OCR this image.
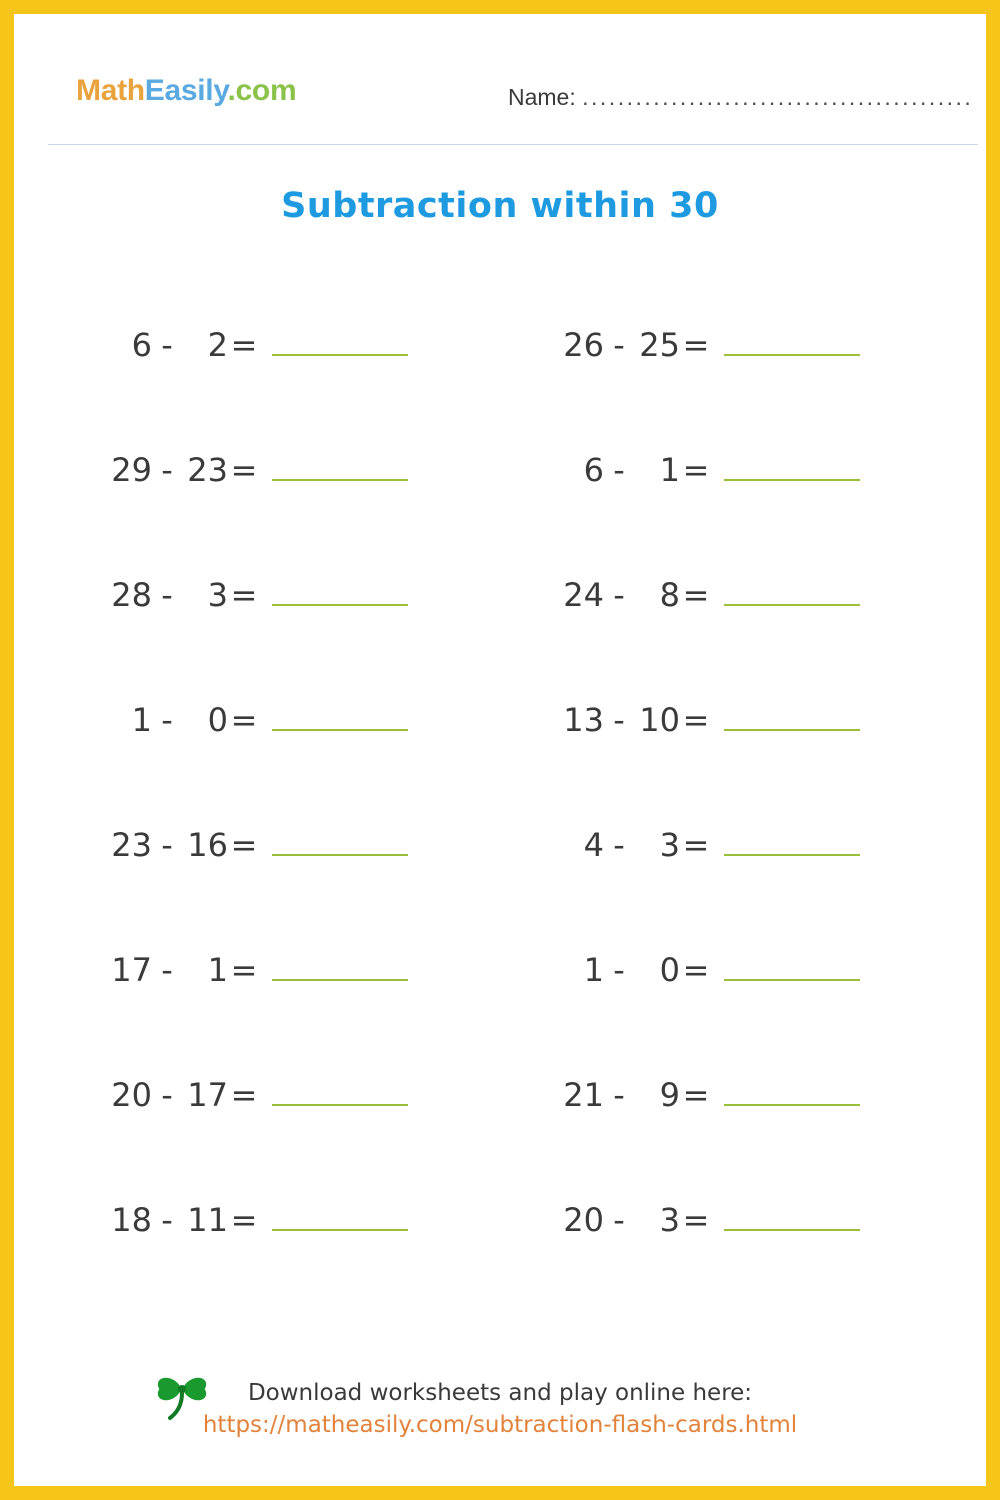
MathEasily.com	Name: ............................................
Subtraction within 30
6 -	2 =	26 - 25 =
29 - 23 =	6 -	1 =
28 -	3 =	24 -	8 =
1 -	0 =	13 - 10 =
23 - 16 =	4 -	3 =
17 -	1 =	1 -	0 =
20 - 17 =	21 -	9 =
18 - 11 =	20 -	3 =
Download worksheets and play online here:
https://matheasily.com/subtraction-flash-cards.html
